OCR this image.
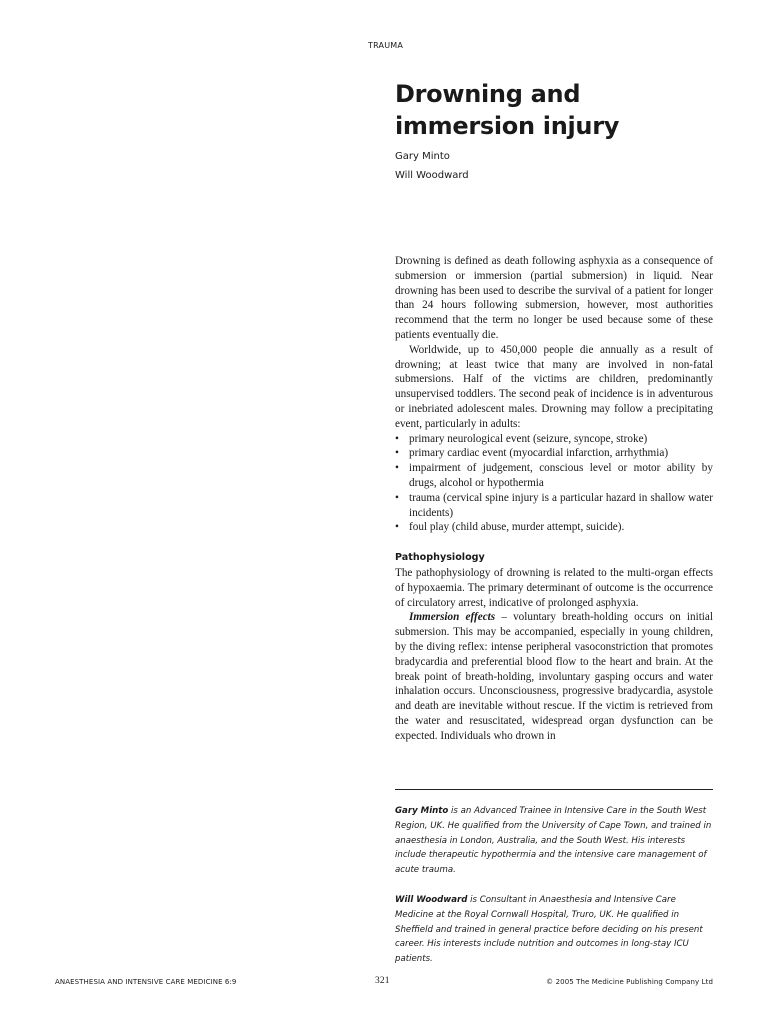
TRAUMA
Drowning and immersion injury
Gary Minto
Will Woodward

Drowning is defined as death following asphyxia as a consequence of submersion or immersion (partial submersion) in liquid. Near drowning has been used to describe the survival of a patient for longer than 24 hours following submersion, however, most authorities recommend that the term no longer be used because some of these patients eventually die.

Worldwide, up to 450,000 people die annually as a result of drowning; at least twice that many are involved in non-fatal submersions. Half of the victims are children, predominantly unsupervised toddlers. The second peak of incidence is in adventurous or inebriated adolescent males. Drowning may follow a precipitating event, particularly in adults:

• primary neurological event (seizure, syncope, stroke)
• primary cardiac event (myocardial infarction, arrhythmia)
• impairment of judgement, conscious level or motor ability by drugs, alcohol or hypothermia
• trauma (cervical spine injury is a particular hazard in shallow water incidents)
• foul play (child abuse, murder attempt, suicide).

Pathophysiology

The pathophysiology of drowning is related to the multi-organ effects of hypoxaemia. The primary determinant of outcome is the occurrence of circulatory arrest, indicative of prolonged asphyxia.

Immersion effects – voluntary breath-holding occurs on initial submersion. This may be accompanied, especially in young children, by the diving reflex: intense peripheral vasoconstriction that promotes bradycardia and preferential blood flow to the heart and brain. At the break point of breath-holding, involuntary gasping occurs and water inhalation occurs. Unconsciousness, progressive bradycardia, asystole and death are inevitable without rescue. If the victim is retrieved from the water and resuscitated, widespread organ dysfunction can be expected. Individuals who drown in

Gary Minto is an Advanced Trainee in Intensive Care in the South West Region, UK. He qualified from the University of Cape Town, and trained in anaesthesia in London, Australia, and the South West. His interests include therapeutic hypothermia and the intensive care management of acute trauma.

Will Woodward is Consultant in Anaesthesia and Intensive Care Medicine at the Royal Cornwall Hospital, Truro, UK. He qualified in Sheffield and trained in general practice before deciding on his present career. His interests include nutrition and outcomes in long-stay ICU patients.

ANAESTHESIA AND INTENSIVE CARE MEDICINE 6:9	321	© 2005 The Medicine Publishing Company Ltd
